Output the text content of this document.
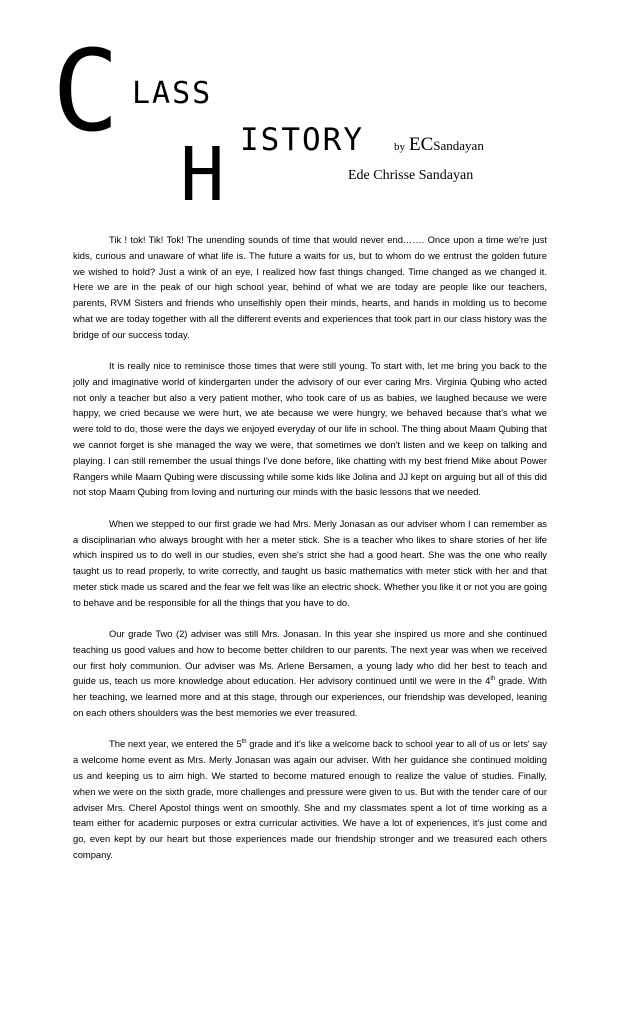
C LASS
H ISTORY	by ECSandayan
Ede Chrisse Sandayan

Tik ! tok! Tik! Tok! The unending sounds of time that would never end……. Once upon a time we're just kids, curious and unaware of what life is. The future a waits for us, but to whom do we entrust the golden future we wished to hold? Just a wink of an eye, I realized how fast things changed. Time changed as we changed it. Here we are in the peak of our high school year, behind of what we are today are people like our teachers, parents, RVM Sisters and friends who unselfishly open their minds, hearts, and hands in molding us to become what we are today together with all the different events and experiences that took part in our class history was the bridge of our success today.

It is really nice to reminisce those times that were still young. To start with, let me bring you back to the jolly and imaginative world of kindergarten under the advisory of our ever caring Mrs. Virginia Qubing who acted not only a teacher but also a very patient mother, who took care of us as babies, we laughed because we were happy, we cried because we were hurt, we ate because we were hungry, we behaved because that's what we were told to do, those were the days we enjoyed everyday of our life in school. The thing about Maam Qubing that we cannot forget is she managed the way we were, that sometimes we don't listen and we keep on talking and playing. I can still remember the usual things I've done before, like chatting with my best friend Mike about Power Rangers while Maam Qubing were discussing while some kids like Jolina and JJ kept on arguing but all of this did not stop Maam Qubing from loving and nurturing our minds with the basic lessons that we needed.

When we stepped to our first grade we had Mrs. Merly Jonasan as our adviser whom I can remember as a disciplinarian who always brought with her a meter stick. She is a teacher who likes to share stories of her life which inspired us to do well in our studies, even she's strict she had a good heart. She was the one who really taught us to read properly, to write correctly, and taught us basic mathematics with meter stick with her and that meter stick made us scared and the fear we felt was like an electric shock. Whether you like it or not you are going to behave and be responsible for all the things that you have to do.

Our grade Two (2) adviser was still Mrs. Jonasan. In this year she inspired us more and she continued teaching us good values and how to become better children to our parents. The next year was when we received our first holy communion. Our adviser was Ms. Arlene Bersamen, a young lady who did her best to teach and guide us, teach us more knowledge about education. Her advisory continued until we were in the 4th grade. With her teaching, we learned more and at this stage, through our experiences, our friendship was developed, leaning on each others shoulders was the best memories we ever treasured.

The next year, we entered the 5th grade and it's like a welcome back to school year to all of us or lets' say a welcome home event as Mrs. Merly Jonasan was again our adviser. With her guidance she continued molding us and keeping us to aim high. We started to become matured enough to realize the value of studies. Finally, when we were on the sixth grade, more challenges and pressure were given to us. But with the tender care of our adviser Mrs. Cherel Apostol things went on smoothly. She and my classmates spent a lot of time working as a team either for academic purposes or extra curricular activities. We have a lot of experiences, it's just come and go, even kept by our heart but those experiences made our friendship stronger and we treasured each others company.
